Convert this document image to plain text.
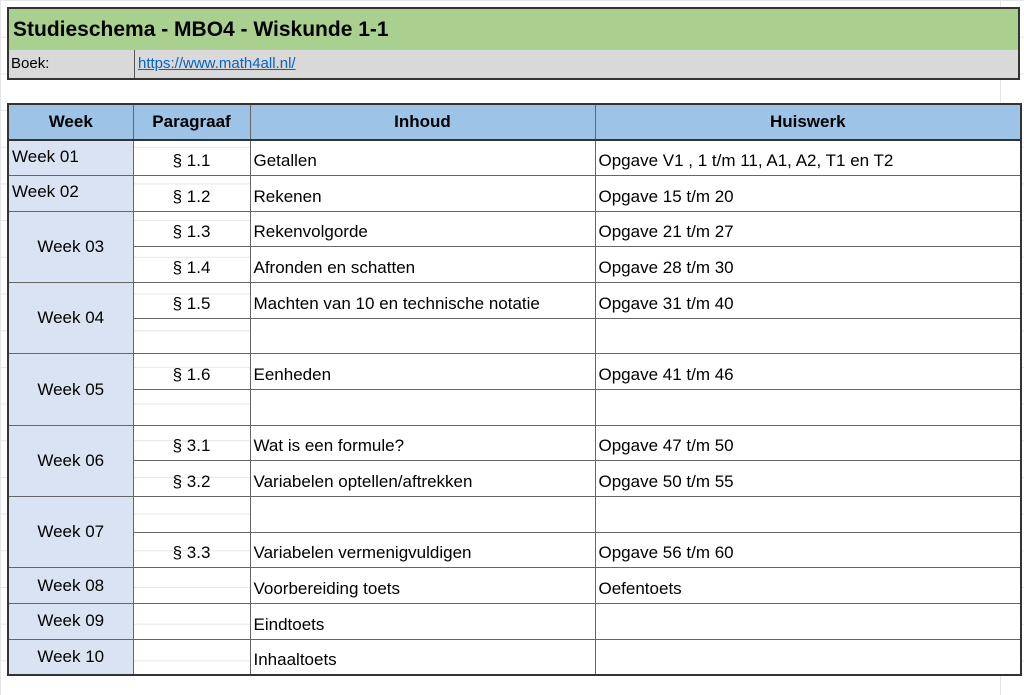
Studieschema - MBO4 - Wiskunde 1-1
Boek:	https://www.math4all.nl/
Week	Paragraaf	Inhoud	Huiswerk
Week 01	§ 1.1	Getallen	Opgave V1 , 1 t/m 11, A1, A2, T1 en T2
Week 02	§ 1.2	Rekenen	Opgave 15 t/m 20
Week 03	§ 1.3	Rekenvolgorde	Opgave 21 t/m 27
	§ 1.4	Afronden en schatten	Opgave 28 t/m 30
Week 04	§ 1.5	Machten van 10 en technische notatie	Opgave 31 t/m 40

Week 05	§ 1.6	Eenheden	Opgave 41 t/m 46

Week 06	§ 3.1	Wat is een formule?	Opgave 47 t/m 50
	§ 3.2	Variabelen optellen/aftrekken	Opgave 50 t/m 55
Week 07			
	§ 3.3	Variabelen vermenigvuldigen	Opgave 56 t/m 60
Week 08		Voorbereiding toets	Oefentoets
Week 09		Eindtoets	
Week 10		Inhaaltoets	
